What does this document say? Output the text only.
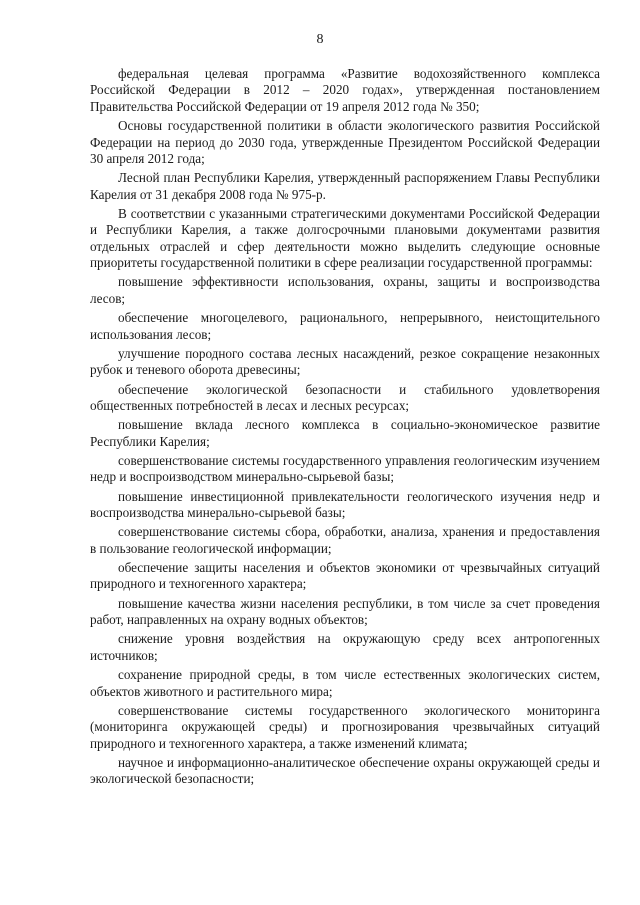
8

федеральная целевая программа «Развитие водохозяйственного комплекса Российской Федерации в 2012 – 2020 годах», утвержденная постановлением Правительства Российской Федерации от 19 апреля 2012 года № 350;

Основы государственной политики в области экологического развития Российской Федерации на период до 2030 года, утвержденные Президентом Российской Федерации 30 апреля 2012 года;

Лесной план Республики Карелия, утвержденный распоряжением Главы Республики Карелия от 31 декабря 2008 года № 975-р.

В соответствии с указанными стратегическими документами Российской Федерации и Республики Карелия, а также долгосрочными плановыми документами развития отдельных отраслей и сфер деятельности можно выделить следующие основные приоритеты государственной политики в сфере реализации государственной программы:

повышение эффективности использования, охраны, защиты и воспроизводства лесов;

обеспечение многоцелевого, рационального, непрерывного, неистощительного использования лесов;

улучшение породного состава лесных насаждений, резкое сокращение незаконных рубок и теневого оборота древесины;

обеспечение экологической безопасности и стабильного удовлетворения общественных потребностей в лесах и лесных ресурсах;

повышение вклада лесного комплекса в социально-экономическое развитие Республики Карелия;

совершенствование системы государственного управления геологическим изучением недр и воспроизводством минерально-сырьевой базы;

повышение инвестиционной привлекательности геологического изучения недр и воспроизводства минерально-сырьевой базы;

совершенствование системы сбора, обработки, анализа, хранения и предоставления в пользование геологической информации;

обеспечение защиты населения и объектов экономики от чрезвычайных ситуаций природного и техногенного характера;

повышение качества жизни населения республики, в том числе за счет проведения работ, направленных на охрану водных объектов;

снижение уровня воздействия на окружающую среду всех антропогенных источников;

сохранение природной среды, в том числе естественных экологических систем, объектов животного и растительного мира;

совершенствование системы государственного экологического мониторинга (мониторинга окружающей среды) и прогнозирования чрезвычайных ситуаций природного и техногенного характера, а также изменений климата;

научное и информационно-аналитическое обеспечение охраны окружающей среды и экологической безопасности;
